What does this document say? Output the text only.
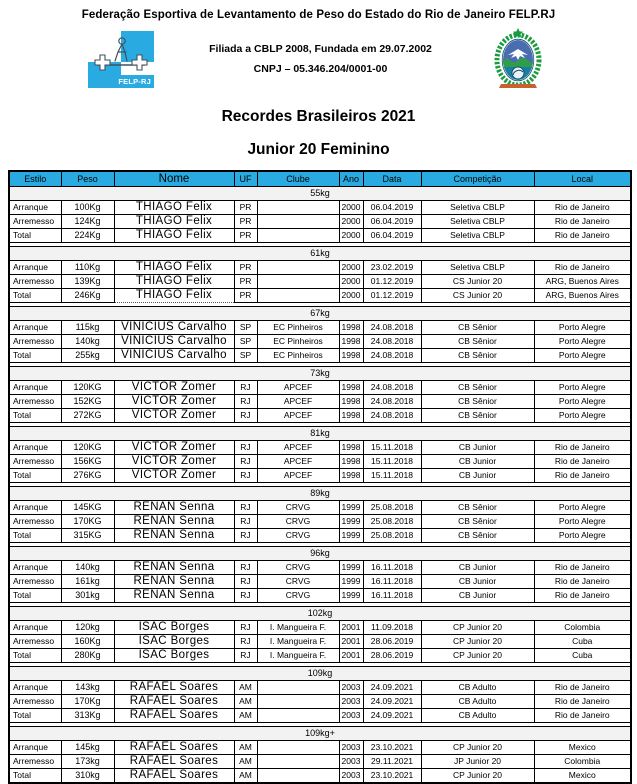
Federação Esportiva de Levantamento de Peso do Estado do Rio de Janeiro FELP.RJ
FELP-RJ
Filiada a CBLP 2008, Fundada em 29.07.2002
CNPJ – 05.346.204/0001-00
Recordes Brasileiros 2021
Junior 20 Feminino
Estilo	Peso	Nome	UF	Clube	Ano	Data	Competição	Local
55kg								
Arranque	100Kg	THIAGO Felix	PR		2000	06.04.2019	Seletiva CBLP	Rio de Janeiro
Arremesso	124Kg	THIAGO Felix	PR		2000	06.04.2019	Seletiva CBLP	Rio de Janeiro
Total	224Kg	THIAGO Felix	PR		2000	06.04.2019	Seletiva CBLP	Rio de Janeiro

61kg								
Arranque	110Kg	THIAGO Felix	PR		2000	23.02.2019	Seletiva CBLP	Rio de Janeiro
Arremesso	139Kg	THIAGO Felix	PR		2000	01.12.2019	CS Junior 20	ARG, Buenos Aires
Total	246Kg	THIAGO Felix	PR		2000	01.12.2019	CS Junior 20	ARG, Buenos Aires

67kg								
Arranque	115kg	VINICIUS Carvalho	SP	EC Pinheiros	1998	24.08.2018	CB Sênior	Porto Alegre
Arremesso	140kg	VINICIUS Carvalho	SP	EC Pinheiros	1998	24.08.2018	CB Sênior	Porto Alegre
Total	255kg	VINICIUS Carvalho	SP	EC Pinheiros	1998	24.08.2018	CB Sênior	Porto Alegre

73kg								
Arranque	120KG	VICTOR Zomer	RJ	APCEF	1998	24.08.2018	CB Sênior	Porto Alegre
Arremesso	152KG	VICTOR Zomer	RJ	APCEF	1998	24.08.2018	CB Sênior	Porto Alegre
Total	272KG	VICTOR Zomer	RJ	APCEF	1998	24.08.2018	CB Sênior	Porto Alegre

81kg								
Arranque	120KG	VICTOR Zomer	RJ	APCEF	1998	15.11.2018	CB Junior	Rio de Janeiro
Arremesso	156KG	VICTOR Zomer	RJ	APCEF	1998	15.11.2018	CB Junior	Rio de Janeiro
Total	276KG	VICTOR Zomer	RJ	APCEF	1998	15.11.2018	CB Junior	Rio de Janeiro

89kg								
Arranque	145KG	RENAN Senna	RJ	CRVG	1999	25.08.2018	CB Sênior	Porto Alegre
Arremesso	170KG	RENAN Senna	RJ	CRVG	1999	25.08.2018	CB Sênior	Porto Alegre
Total	315KG	RENAN Senna	RJ	CRVG	1999	25.08.2018	CB Sênior	Porto Alegre

96kg								
Arranque	140kg	RENAN Senna	RJ	CRVG	1999	16.11.2018	CB Junior	Rio de Janeiro
Arremesso	161kg	RENAN Senna	RJ	CRVG	1999	16.11.2018	CB Junior	Rio de Janeiro
Total	301kg	RENAN Senna	RJ	CRVG	1999	16.11.2018	CB Junior	Rio de Janeiro

102kg								
Arranque	120kg	ISAC Borges	RJ	I. Mangueira F.	2001	11.09.2018	CP Junior 20	Colombia
Arremesso	160Kg	ISAC Borges	RJ	I. Mangueira F.	2001	28.06.2019	CP Junior 20	Cuba
Total	280Kg	ISAC Borges	RJ	I. Mangueira F.	2001	28.06.2019	CP Junior 20	Cuba

109kg								
Arranque	143kg	RAFAEL Soares	AM		2003	24.09.2021	CB Adulto	Rio de Janeiro
Arremesso	170Kg	RAFAEL Soares	AM		2003	24.09.2021	CB Adulto	Rio de Janeiro
Total	313Kg	RAFAEL Soares	AM		2003	24.09.2021	CB Adulto	Rio de Janeiro

109kg+								
Arranque	145kg	RAFAEL Soares	AM		2003	23.10.2021	CP Junior 20	Mexico
Arremesso	173kg	RAFAEL Soares	AM		2003	29.11.2021	JP Junior 20	Colombia
Total	310kg	RAFAEL Soares	AM		2003	23.10.2021	CP Junior 20	Mexico
